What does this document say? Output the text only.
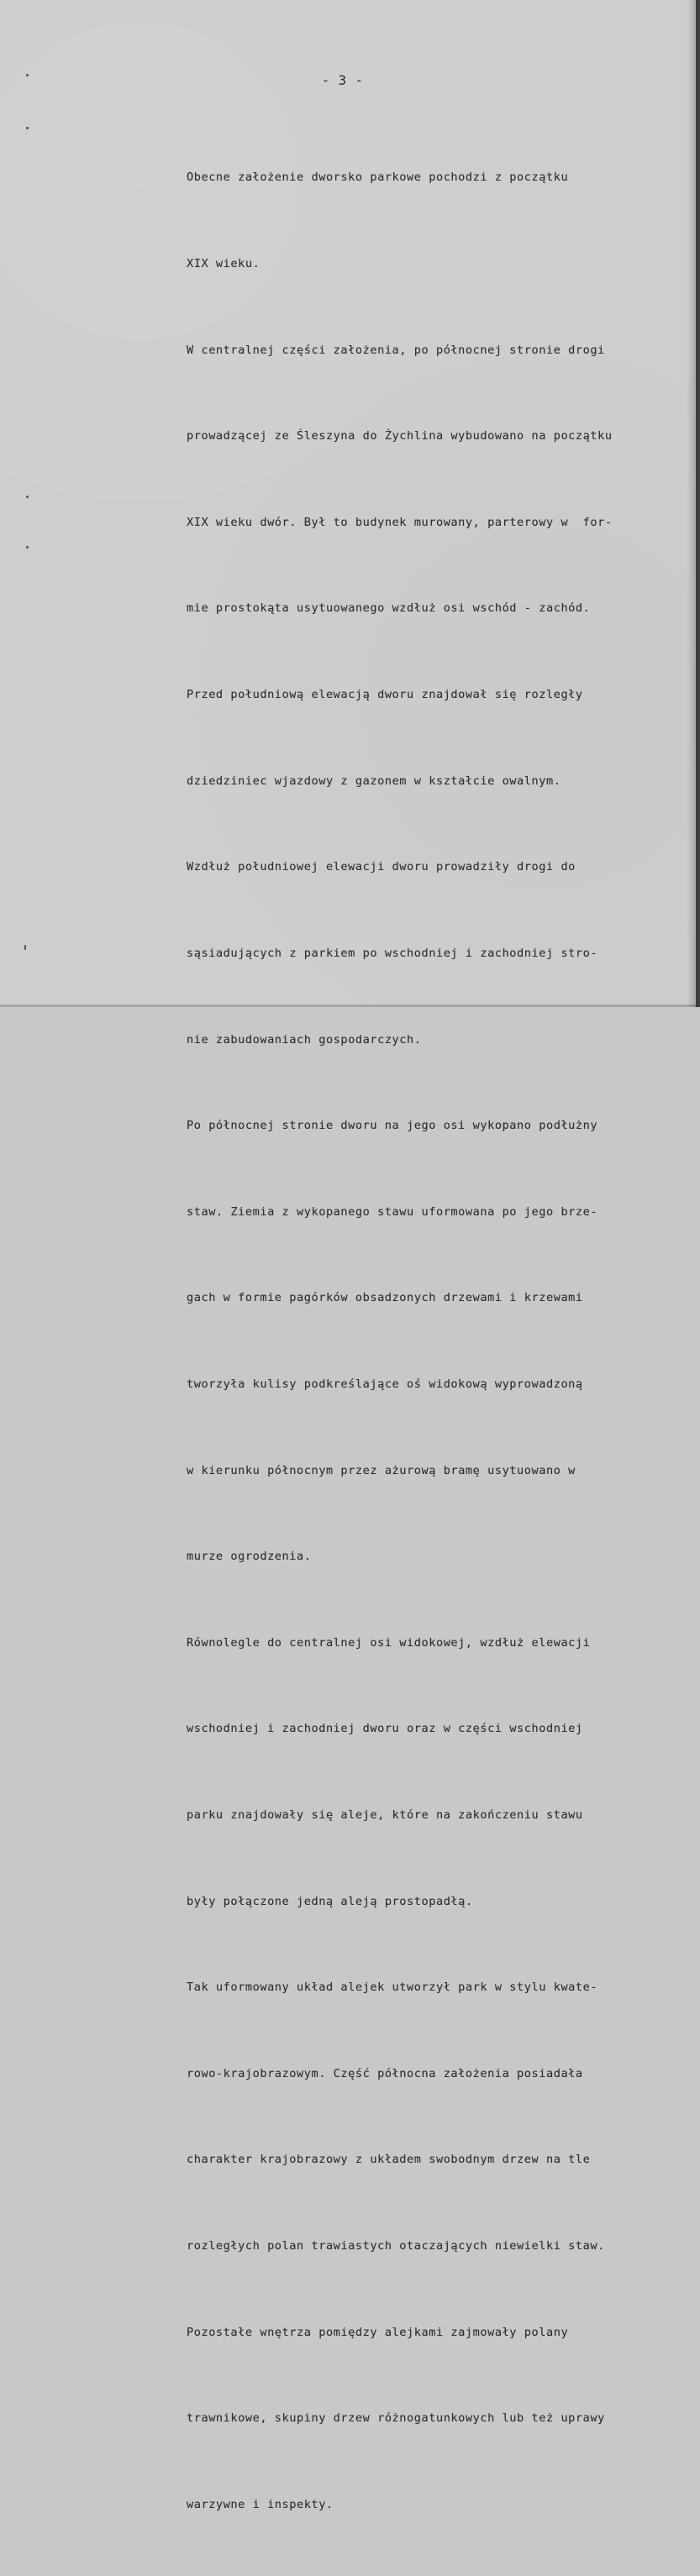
- 3 -

Obecne założenie dworsko parkowe pochodzi z początku

XIX wieku.

W centralnej części założenia, po północnej stronie drogi

prowadzącej ze Śleszyna do Żychlina wybudowano na początku

XIX wieku dwór. Był to budynek murowany, parterowy w  for-

mie prostokąta usytuowanego wzdłuż osi wschód - zachód.

Przed południową elewacją dworu znajdował się rozległy

dziedziniec wjazdowy z gazonem w kształcie owalnym.

Wzdłuż południowej elewacji dworu prowadziły drogi do

sąsiadujących z parkiem po wschodniej i zachodniej stro-

nie zabudowaniach gospodarczych.

Po północnej stronie dworu na jego osi wykopano podłużny

staw. Ziemia z wykopanego stawu uformowana po jego brze-

gach w formie pagórków obsadzonych drzewami i krzewami

tworzyła kulisy podkreślające oś widokową wyprowadzoną

w kierunku północnym przez ażurową bramę usytuowano w

murze ogrodzenia.

Równolegle do centralnej osi widokowej, wzdłuż elewacji

wschodniej i zachodniej dworu oraz w części wschodniej

parku znajdowały się aleje, które na zakończeniu stawu

były połączone jedną aleją prostopadłą.

Tak uformowany układ alejek utworzył park w stylu kwate-

rowo-krajobrazowym. Część północna założenia posiadała

charakter krajobrazowy z układem swobodnym drzew na tle

rozległych polan trawiastych otaczających niewielki staw.

Pozostałe wnętrza pomiędzy alejkami zajmowały polany

trawnikowe, skupiny drzew różnogatunkowych lub też uprawy

warzywne i inspekty.
